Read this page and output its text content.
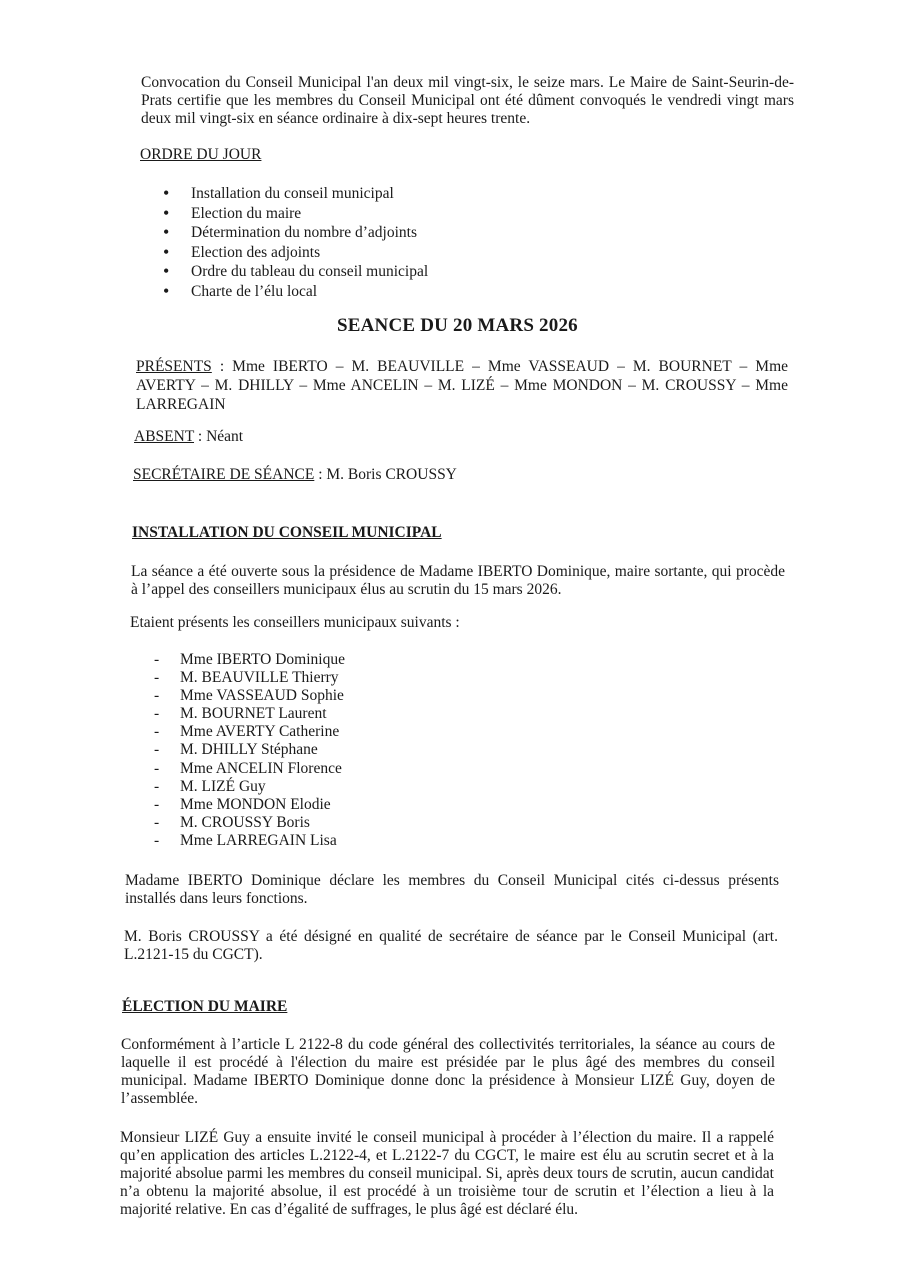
Convocation du Conseil Municipal l'an deux mil vingt-six, le seize mars. Le Maire de Saint-Seurin-de-Prats certifie que les membres du Conseil Municipal ont été dûment convoqués le vendredi vingt mars deux mil vingt-six en séance ordinaire à dix-sept heures trente.

ORDRE DU JOUR
• Installation du conseil municipal
• Election du maire
• Détermination du nombre d’adjoints
• Election des adjoints
• Ordre du tableau du conseil municipal
• Charte de l’élu local
SEANCE DU 20 MARS 2026

PRÉSENTS : Mme IBERTO – M. BEAUVILLE – Mme VASSEAUD – M. BOURNET – Mme AVERTY – M. DHILLY – Mme ANCELIN – M. LIZÉ – Mme MONDON – M. CROUSSY – Mme LARREGAIN

ABSENT : Néant

SECRÉTAIRE DE SÉANCE : M. Boris CROUSSY

INSTALLATION DU CONSEIL MUNICIPAL

La séance a été ouverte sous la présidence de Madame IBERTO Dominique, maire sortante, qui procède à l’appel des conseillers municipaux élus au scrutin du 15 mars 2026.

Etaient présents les conseillers municipaux suivants :

- Mme IBERTO Dominique
- M. BEAUVILLE Thierry
- Mme VASSEAUD Sophie
- M. BOURNET Laurent
- Mme AVERTY Catherine
- M. DHILLY Stéphane
- Mme ANCELIN Florence
- M. LIZÉ Guy
- Mme MONDON Elodie
- M. CROUSSY Boris
- Mme LARREGAIN Lisa

Madame IBERTO Dominique déclare les membres du Conseil Municipal cités ci-dessus présents installés dans leurs fonctions.

M. Boris CROUSSY a été désigné en qualité de secrétaire de séance par le Conseil Municipal (art. L.2121-15 du CGCT).

ÉLECTION DU MAIRE

Conformément à l’article L 2122-8 du code général des collectivités territoriales, la séance au cours de laquelle il est procédé à l'élection du maire est présidée par le plus âgé des membres du conseil municipal. Madame IBERTO Dominique donne donc la présidence à Monsieur LIZÉ Guy, doyen de l’assemblée.

Monsieur LIZÉ Guy a ensuite invité le conseil municipal à procéder à l’élection du maire. Il a rappelé qu’en application des articles L.2122-4, et L.2122-7 du CGCT, le maire est élu au scrutin secret et à la majorité absolue parmi les membres du conseil municipal. Si, après deux tours de scrutin, aucun candidat n’a obtenu la majorité absolue, il est procédé à un troisième tour de scrutin et l’élection a lieu à la majorité relative. En cas d’égalité de suffrages, le plus âgé est déclaré élu.
